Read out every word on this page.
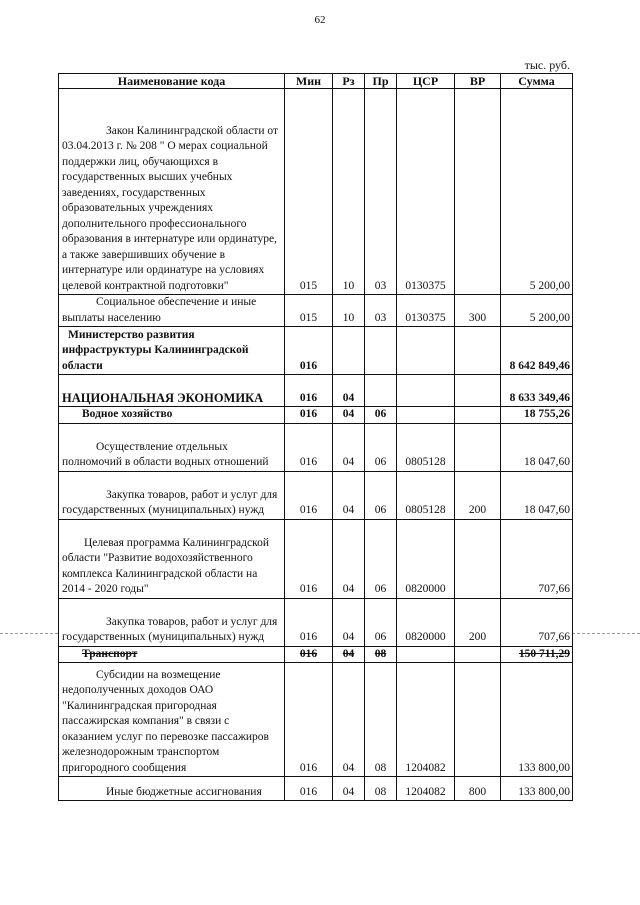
62
тыс. руб.
Наименование кода	Мин	Рз	Пр	ЦСР	ВР	Сумма
Закон Калининградской области от 03.04.2013 г. № 208 " О мерах социальной поддержки лиц, обучающихся в государственных высших учебных заведениях, государственных образовательных учреждениях дополнительного профессионального образования в интернатуре или ординатуре, а также завершивших обучение в интернатуре или ординатуре на условиях целевой контрактной подготовки"	015	10	03	0130375		5 200,00
Социальное обеспечение и иные выплаты населению	015	10	03	0130375	300	5 200,00
Министерство развития инфраструктуры Калининградской области	016					8 642 849,46
НАЦИОНАЛЬНАЯ ЭКОНОМИКА	016	04				8 633 349,46
Водное хозяйство	016	04	06			18 755,26
Осуществление отдельных полномочий в области водных отношений	016	04	06	0805128		18 047,60
Закупка товаров, работ и услуг для государственных (муниципальных) нужд	016	04	06	0805128	200	18 047,60
Целевая программа Калининградской области "Развитие водохозяйственного комплекса Калининградской области на 2014 - 2020 годы"	016	04	06	0820000		707,66
Закупка товаров, работ и услуг для государственных (муниципальных) нужд	016	04	06	0820000	200	707,66
Транспорт	016	04	08			150 711,29
Субсидии на возмещение недополученных доходов ОАО "Калининградская пригородная пассажирская компания" в связи с оказанием услуг по перевозке пассажиров железнодорожным транспортом пригородного сообщения	016	04	08	1204082		133 800,00
Иные бюджетные ассигнования	016	04	08	1204082	800	133 800,00
